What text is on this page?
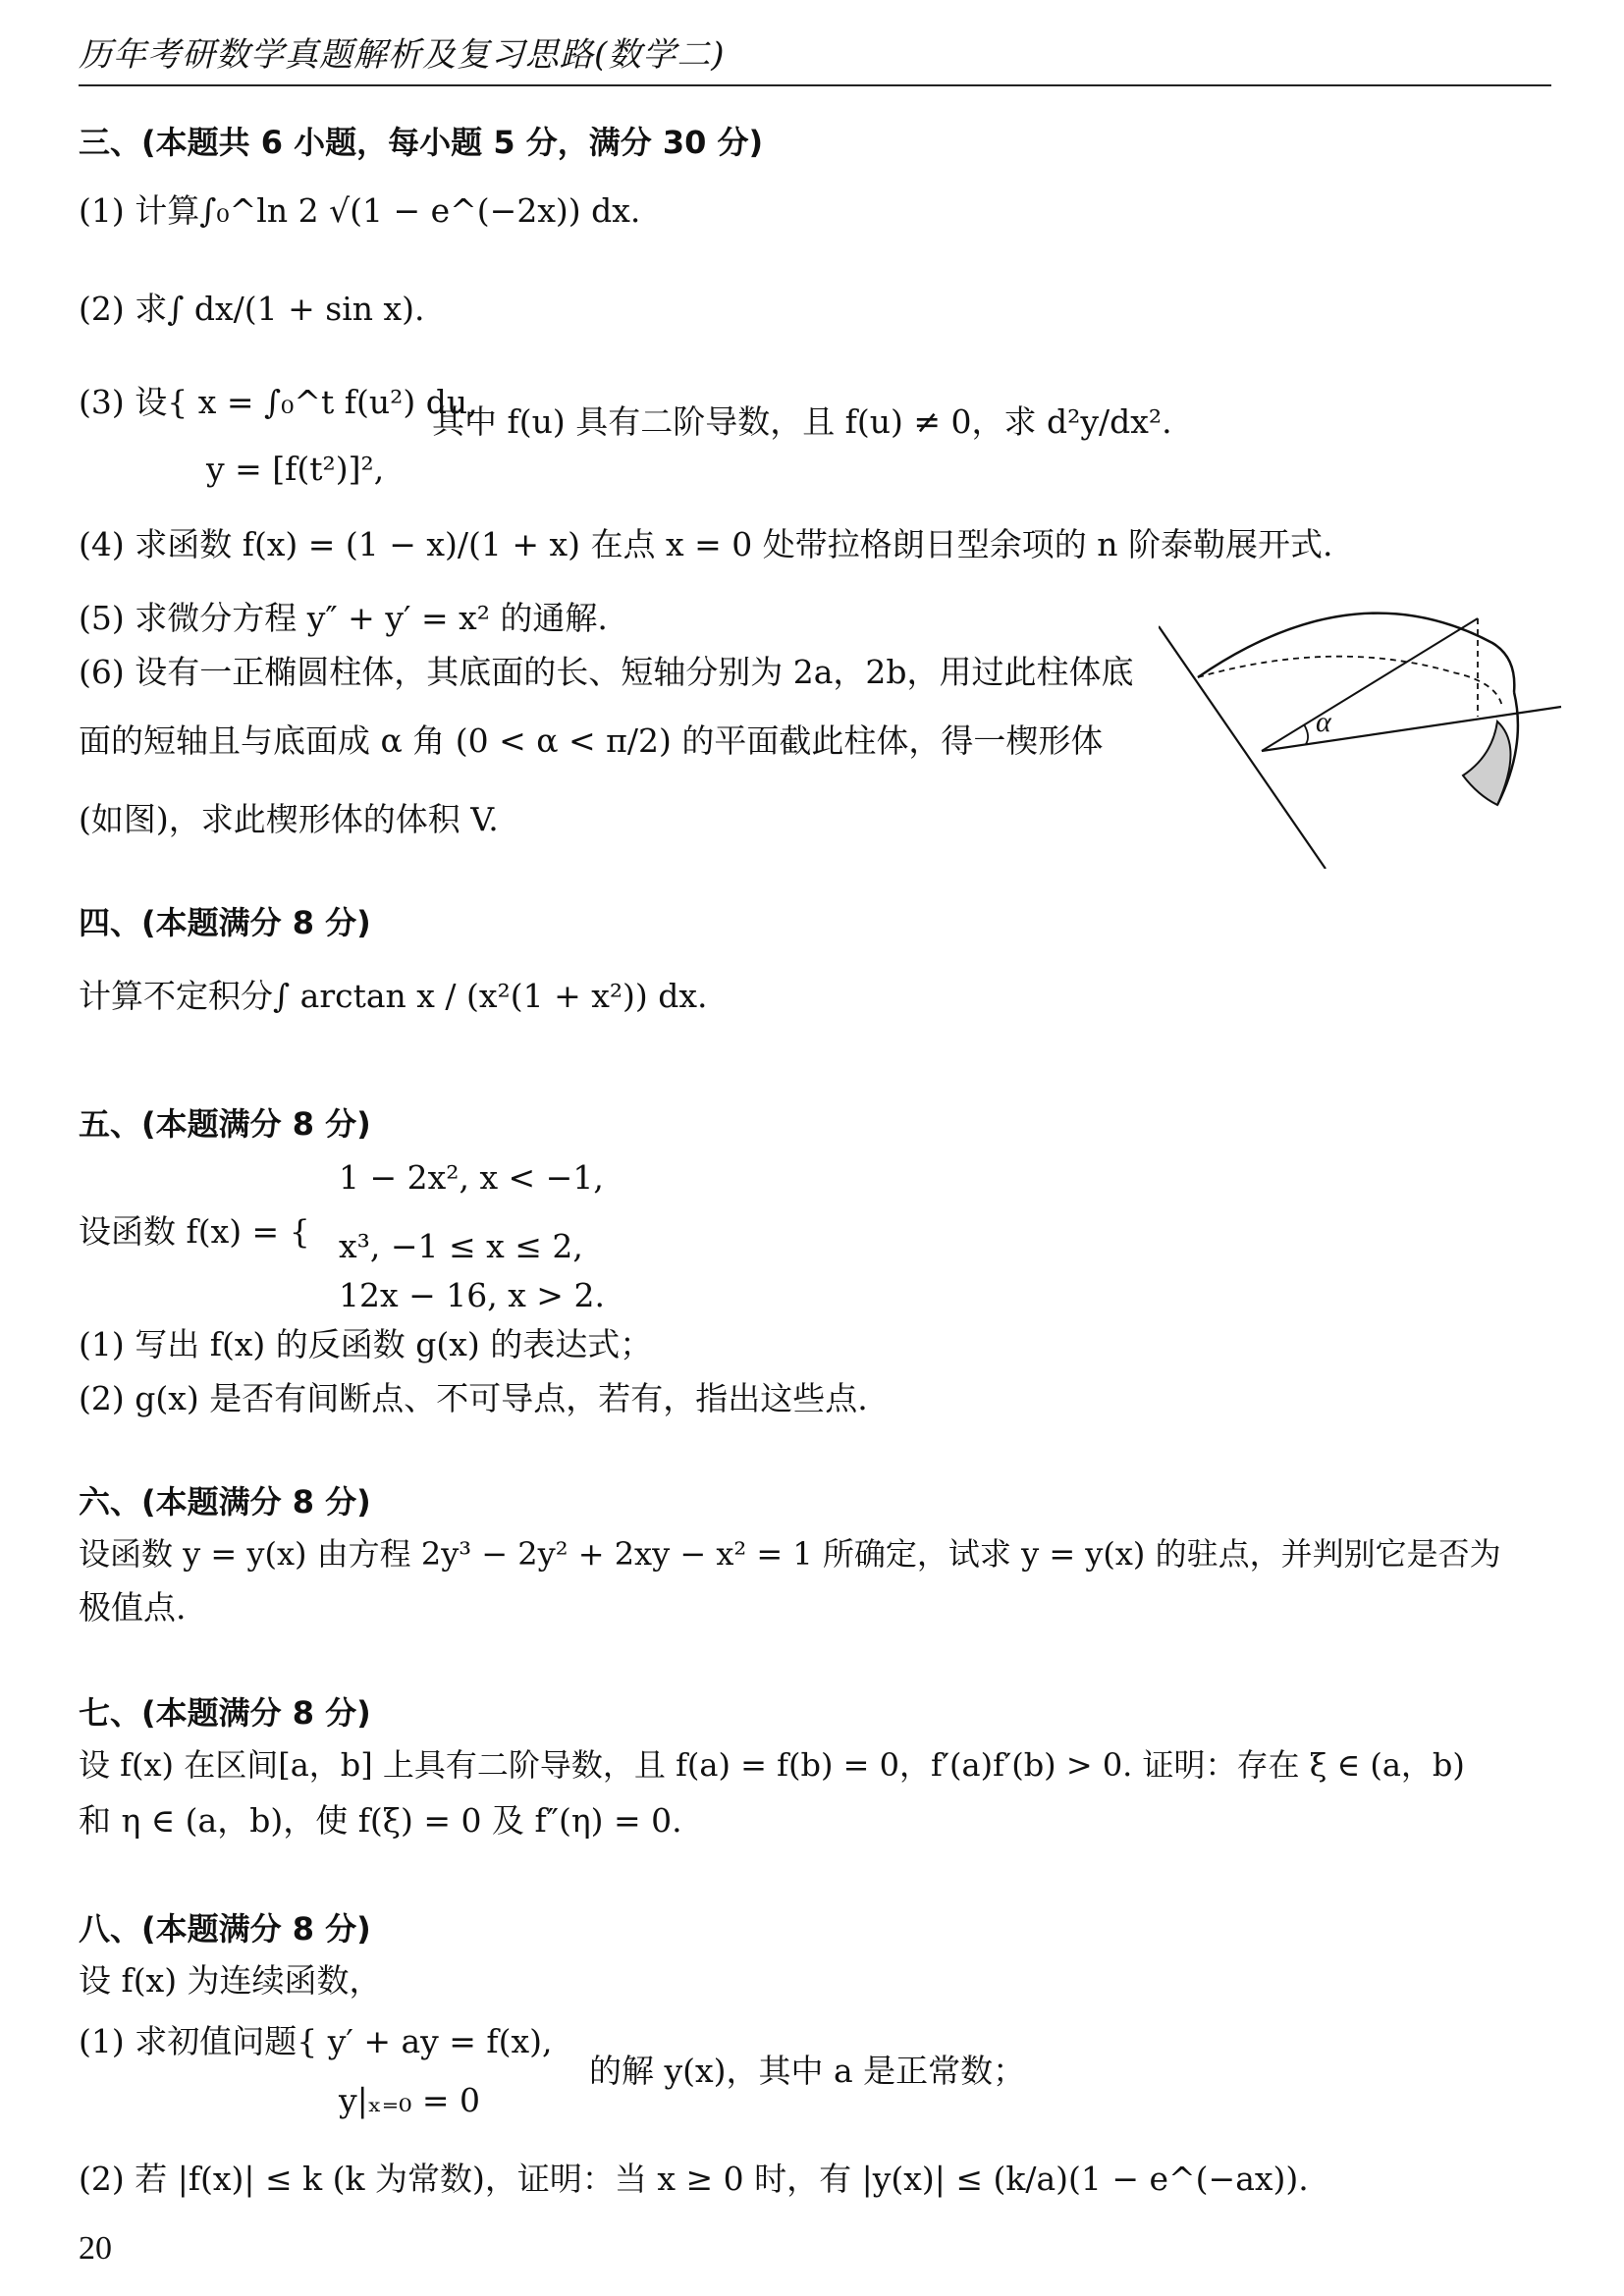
历年考研数学真题解析及复习思路(数学二)
三、(本题共 6 小题，每小题 5 分，满分 30 分)
(1) 计算∫₀^ln 2 √(1 − e^(−2x)) dx.
(2) 求∫ dx/(1 + sin x).
(3) 设{ x = ∫₀^t f(u²) du,
其中 f(u) 具有二阶导数，且 f(u) ≠ 0，求 d²y/dx².
y = [f(t²)]²,
(4) 求函数 f(x) = (1 − x)/(1 + x) 在点 x = 0 处带拉格朗日型余项的 n 阶泰勒展开式.
(5) 求微分方程 y″ + y′ = x² 的通解.
(6) 设有一正椭圆柱体，其底面的长、短轴分别为 2a，2b，用过此柱体底
面的短轴且与底面成 α 角 (0 < α < π/2) 的平面截此柱体，得一楔形体
(如图)，求此楔形体的体积 V.
α
四、(本题满分 8 分)
计算不定积分∫ arctan x / (x²(1 + x²)) dx.
五、(本题满分 8 分)
1 − 2x², x < −1,
设函数 f(x) = { x³, −1 ≤ x ≤ 2,
12x − 16, x > 2.
(1) 写出 f(x) 的反函数 g(x) 的表达式；
(2) g(x) 是否有间断点、不可导点，若有，指出这些点.
六、(本题满分 8 分)
设函数 y = y(x) 由方程 2y³ − 2y² + 2xy − x² = 1 所确定，试求 y = y(x) 的驻点，并判别它是否为
极值点.
七、(本题满分 8 分)
设 f(x) 在区间[a，b] 上具有二阶导数，且 f(a) = f(b) = 0，f′(a)f′(b) > 0. 证明：存在 ξ ∈ (a，b)
和 η ∈ (a，b)，使 f(ξ) = 0 及 f″(η) = 0.
八、(本题满分 8 分)
设 f(x) 为连续函数，
(1) 求初值问题{ y′ + ay = f(x),
的解 y(x)，其中 a 是正常数；
y|ₓ₌₀ = 0
(2) 若 |f(x)| ≤ k (k 为常数)，证明：当 x ≥ 0 时，有 |y(x)| ≤ (k/a)(1 − e^(−ax)).
20
